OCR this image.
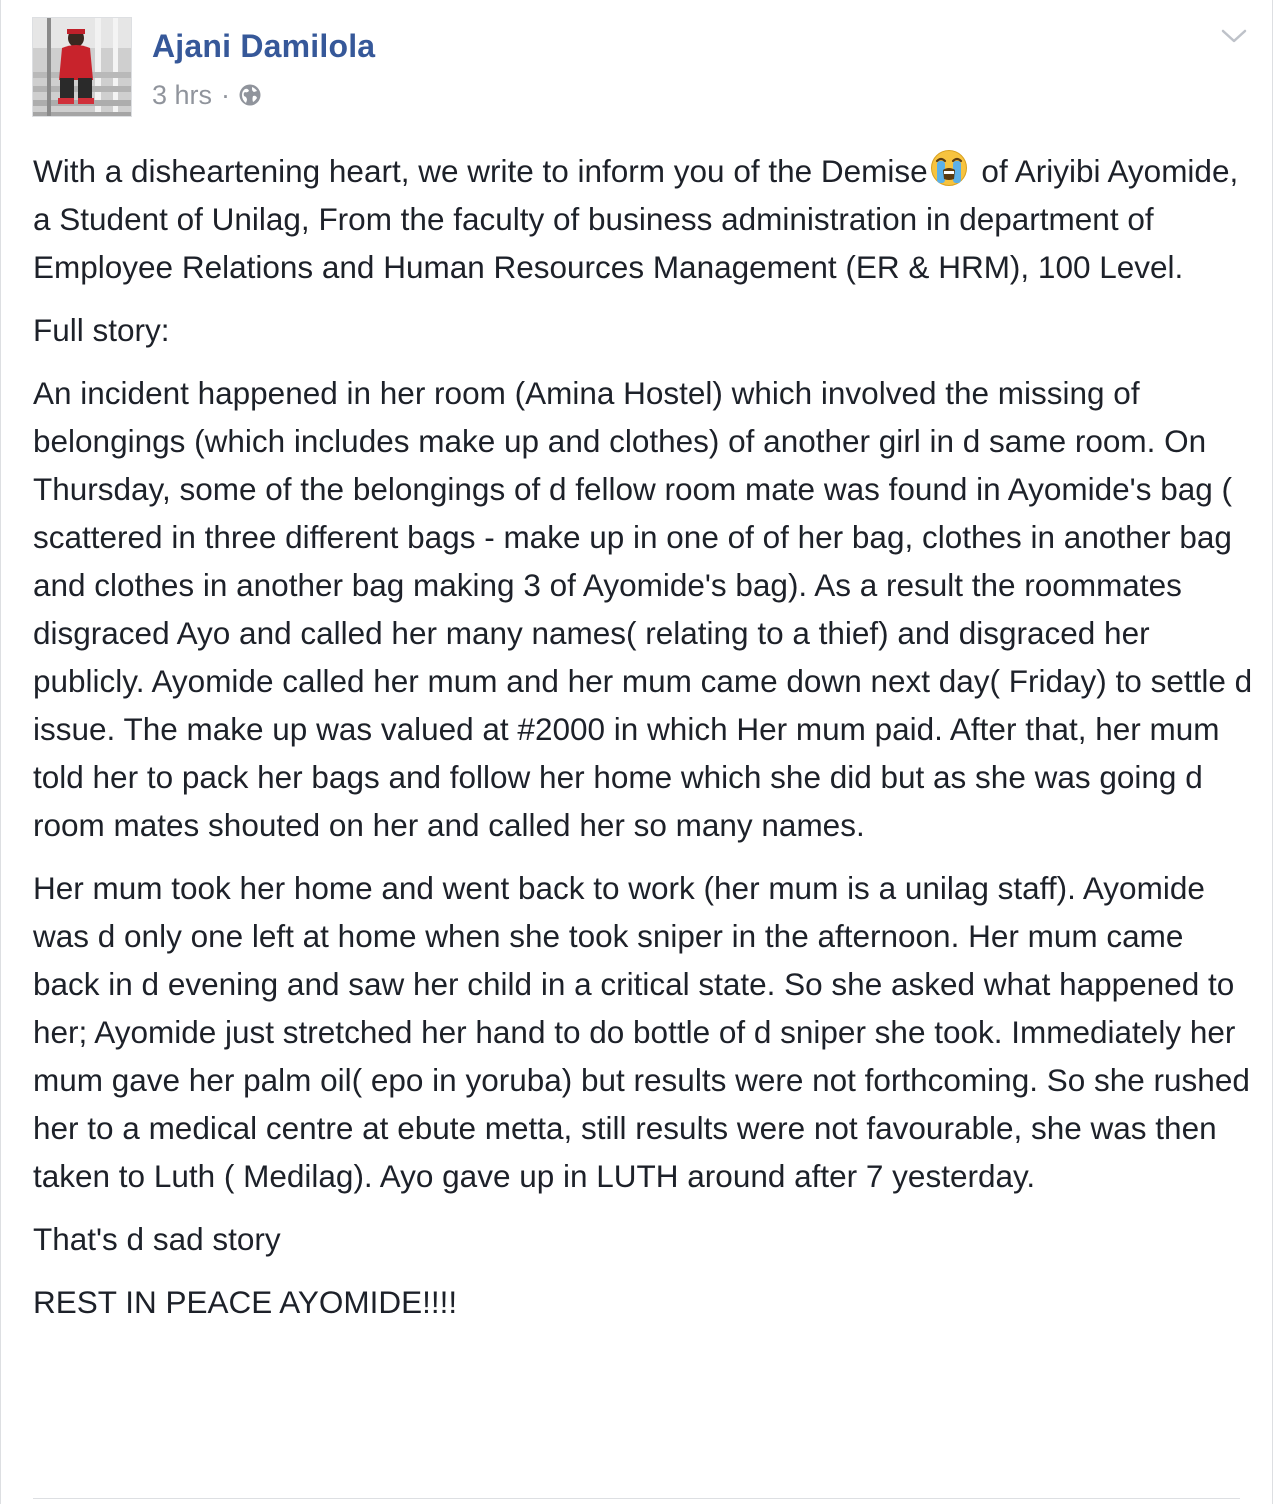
Ajani Damilola
3 hrs ·

With a disheartening heart, we write to inform you of the Demise of Ariyibi Ayomide, a Student of Unilag, From the faculty of business administration in department of Employee Relations and Human Resources Management (ER & HRM), 100 Level.

Full story:

An incident happened in her room (Amina Hostel) which involved the missing of belongings (which includes make up and clothes) of another girl in d same room. On Thursday, some of the belongings of d fellow room mate was found in Ayomide's bag ( scattered in three different bags - make up in one of of her bag, clothes in another bag and clothes in another bag making 3 of Ayomide's bag). As a result the roommates disgraced Ayo and called her many names( relating to a thief) and disgraced her publicly. Ayomide called her mum and her mum came down next day( Friday) to settle d issue. The make up was valued at #2000 in which Her mum paid. After that, her mum told her to pack her bags and follow her home which she did but as she was going d room mates shouted on her and called her so many names.

Her mum took her home and went back to work (her mum is a unilag staff). Ayomide was d only one left at home when she took sniper in the afternoon. Her mum came back in d evening and saw her child in a critical state. So she asked what happened to her; Ayomide just stretched her hand to do bottle of d sniper she took. Immediately her mum gave her palm oil( epo in yoruba) but results were not forthcoming. So she rushed her to a medical centre at ebute metta, still results were not favourable, she was then taken to Luth ( Medilag). Ayo gave up in LUTH around after 7 yesterday.

That's d sad story

REST IN PEACE AYOMIDE!!!!
